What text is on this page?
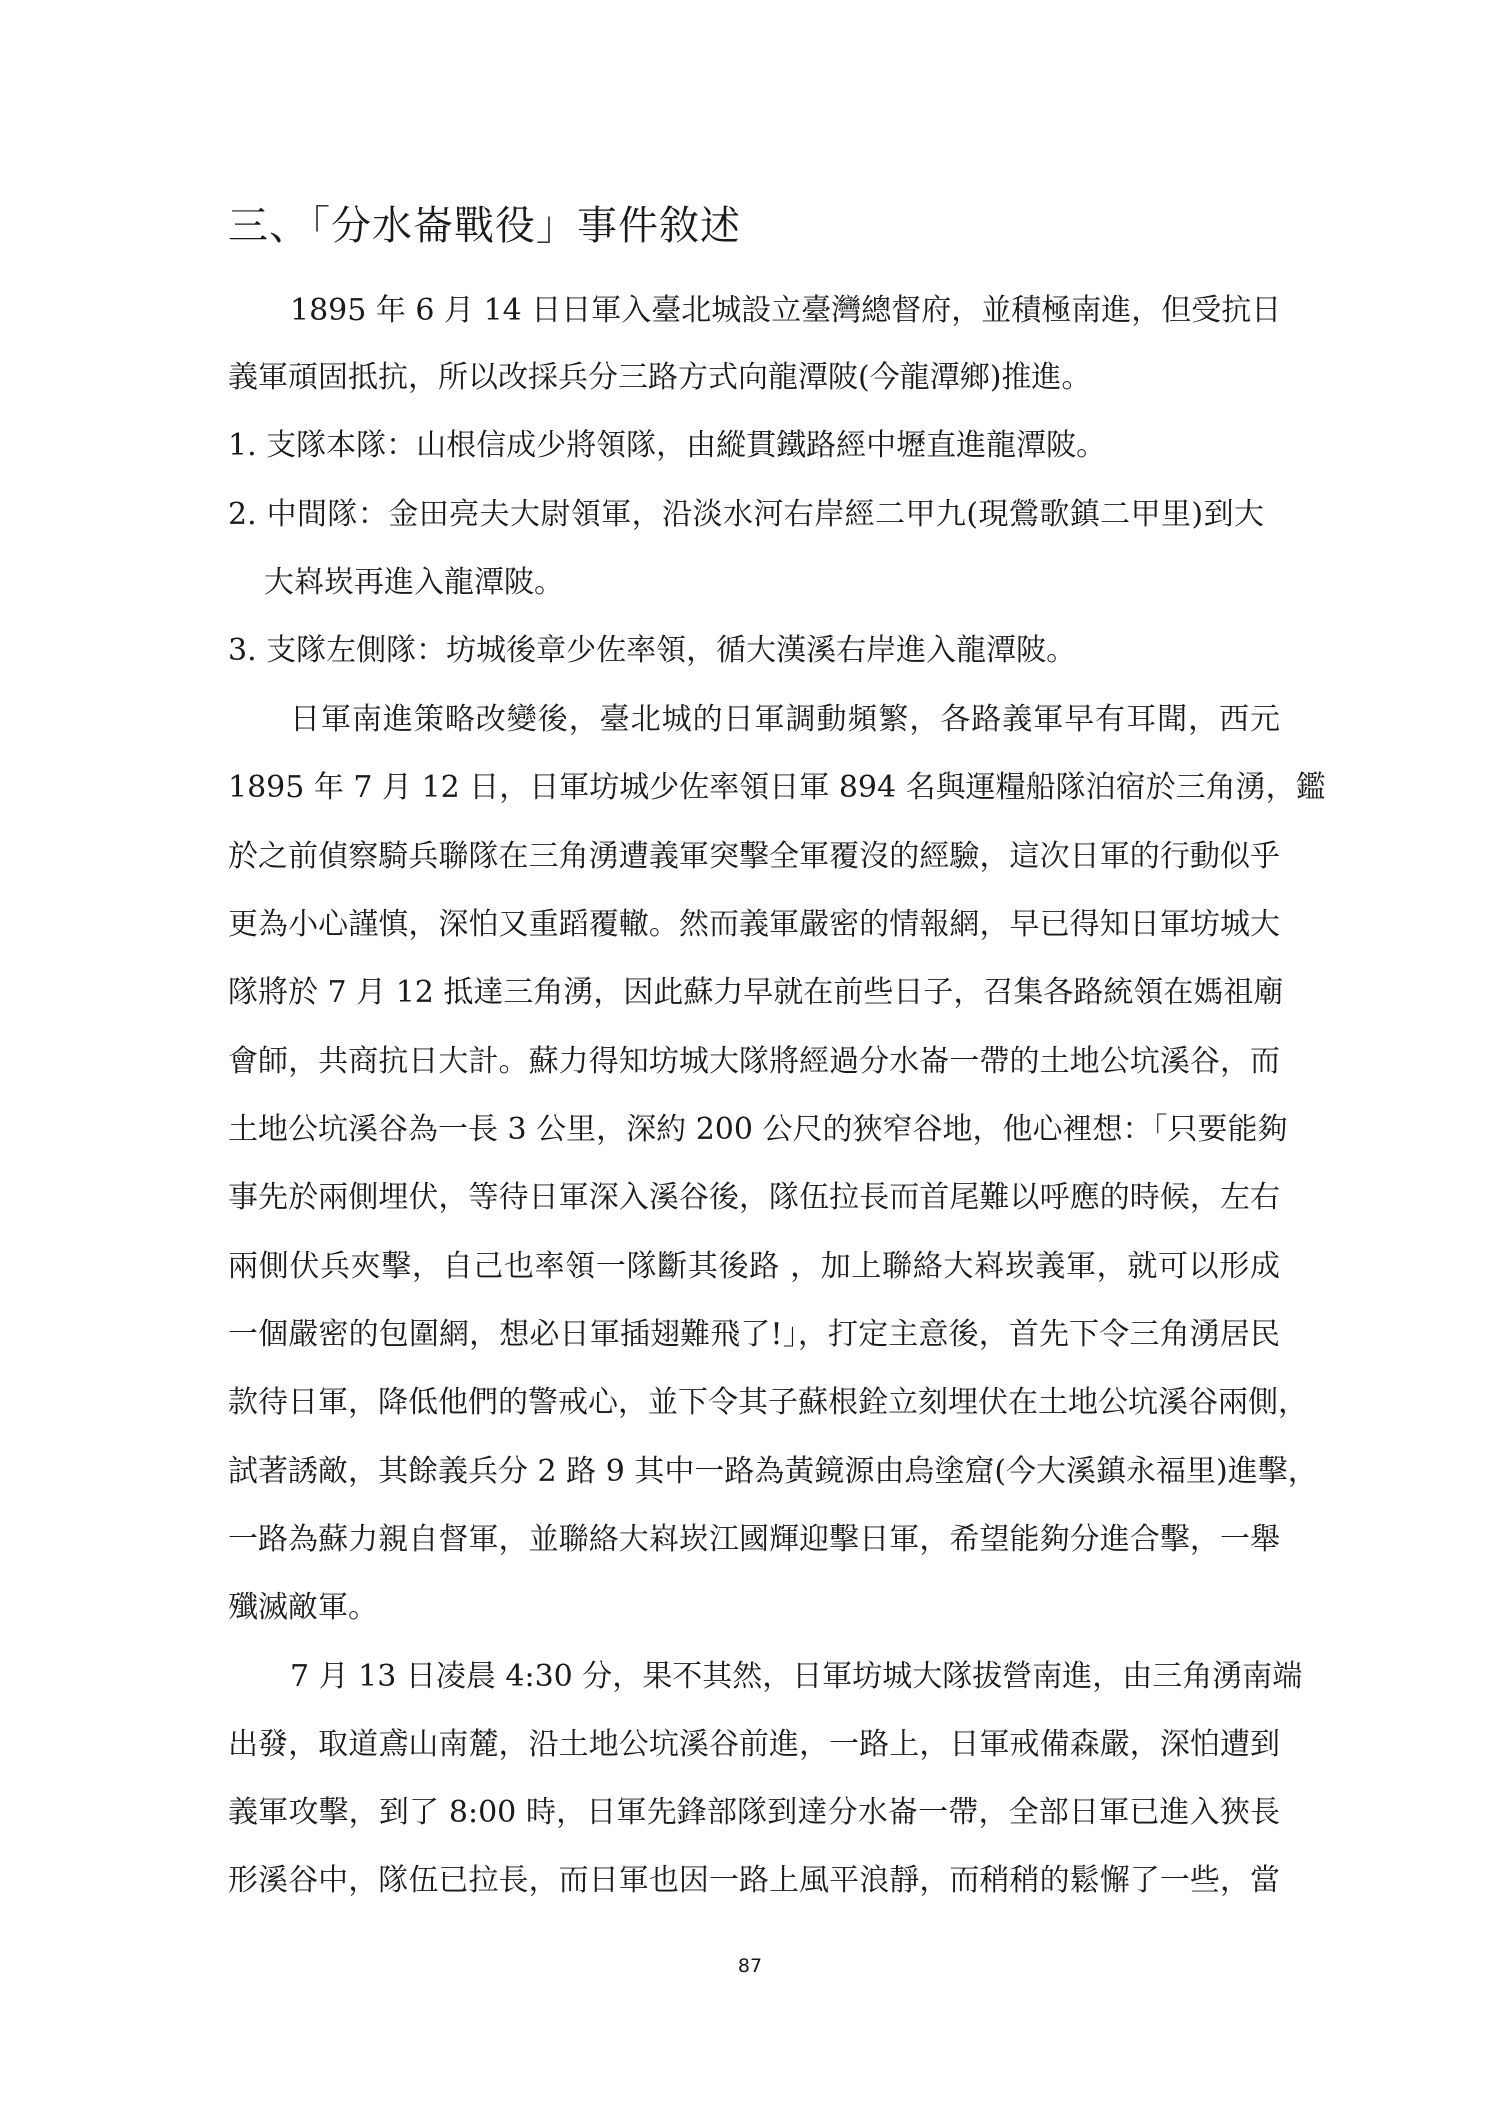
三、「分水崙戰役」事件敘述
1895 年 6 月 14 日日軍入臺北城設立臺灣總督府，並積極南進，但受抗日
義軍頑固抵抗，所以改採兵分三路方式向龍潭陂(今龍潭鄉)推進。
1. 支隊本隊：山根信成少將領隊，由縱貫鐵路經中壢直進龍潭陂。
2. 中間隊：金田亮夫大尉領軍，沿淡水河右岸經二甲九(現鶯歌鎮二甲里)到大
大嵙崁再進入龍潭陂。
3. 支隊左側隊：坊城後章少佐率領，循大漢溪右岸進入龍潭陂。
日軍南進策略改變後，臺北城的日軍調動頻繁，各路義軍早有耳聞，西元
1895 年 7 月 12 日，日軍坊城少佐率領日軍 894 名與運糧船隊泊宿於三角湧，鑑
於之前偵察騎兵聯隊在三角湧遭義軍突擊全軍覆沒的經驗，這次日軍的行動似乎
更為小心謹慎，深怕又重蹈覆轍。然而義軍嚴密的情報網，早已得知日軍坊城大
隊將於 7 月 12 抵達三角湧，因此蘇力早就在前些日子，召集各路統領在媽祖廟
會師，共商抗日大計。蘇力得知坊城大隊將經過分水崙一帶的土地公坑溪谷，而
土地公坑溪谷為一長 3 公里，深約 200 公尺的狹窄谷地，他心裡想：「只要能夠
事先於兩側埋伏，等待日軍深入溪谷後，隊伍拉長而首尾難以呼應的時候，左右
兩側伏兵夾擊，自己也率領一隊斷其後路 ，加上聯絡大嵙崁義軍，就可以形成
一個嚴密的包圍網，想必日軍插翅難飛了!」，打定主意後，首先下令三角湧居民
款待日軍，降低他們的警戒心，並下令其子蘇根銓立刻埋伏在土地公坑溪谷兩側，
試著誘敵，其餘義兵分 2 路 9 其中一路為黃鏡源由烏塗窟(今大溪鎮永福里)進擊，
一路為蘇力親自督軍，並聯絡大嵙崁江國輝迎擊日軍，希望能夠分進合擊，一舉
殲滅敵軍。
7 月 13 日凌晨 4:30 分，果不其然，日軍坊城大隊拔營南進，由三角湧南端
出發，取道鳶山南麓，沿土地公坑溪谷前進，一路上，日軍戒備森嚴，深怕遭到
義軍攻擊，到了 8:00 時，日軍先鋒部隊到達分水崙一帶，全部日軍已進入狹長
形溪谷中，隊伍已拉長，而日軍也因一路上風平浪靜，而稍稍的鬆懈了一些，當
87
